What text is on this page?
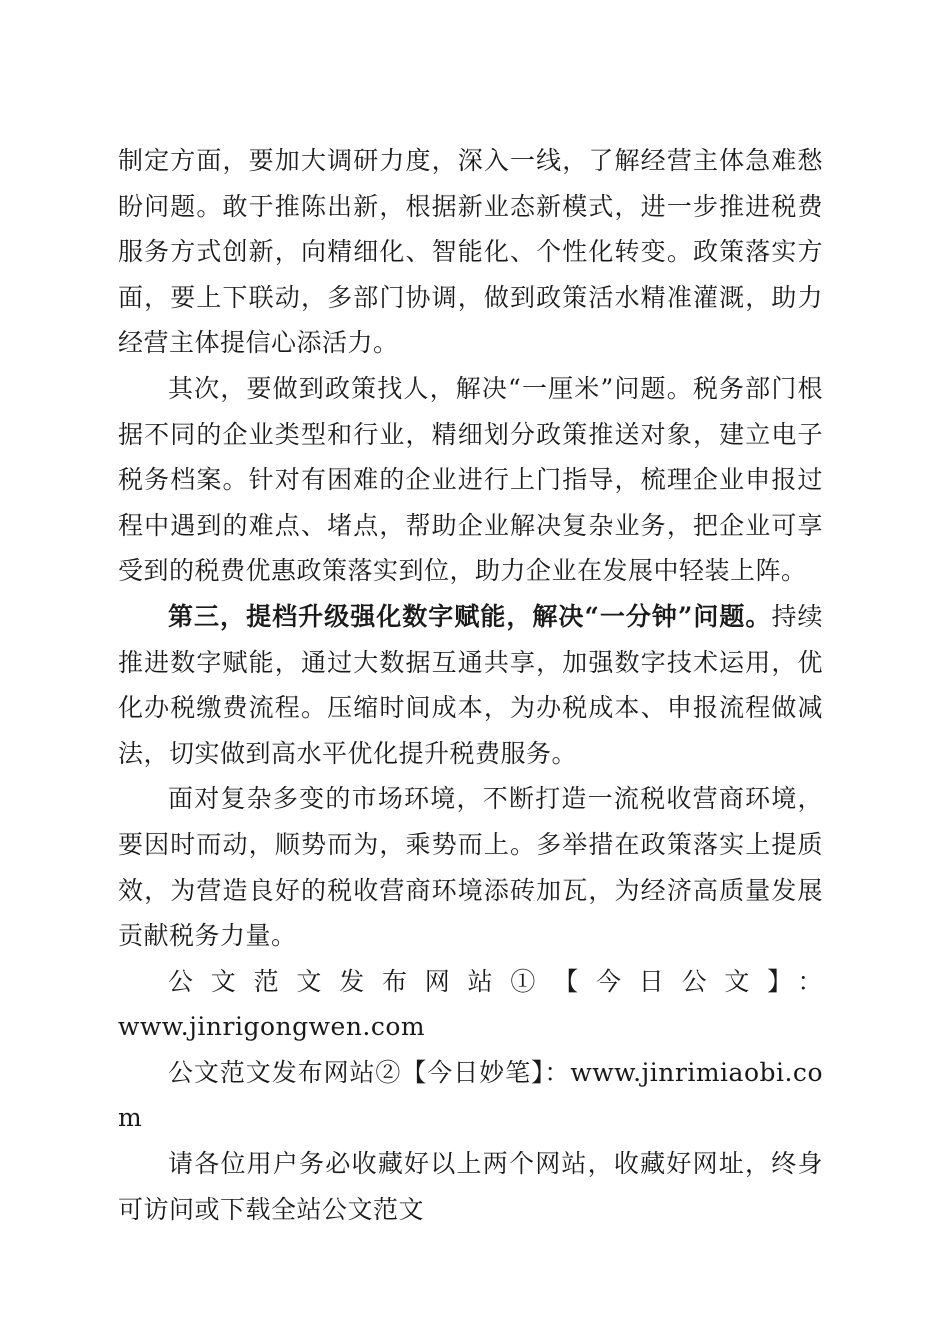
制定方面，要加大调研力度，深入一线，了解经营主体急难愁盼问题。敢于推陈出新，根据新业态新模式，进一步推进税费服务方式创新，向精细化、智能化、个性化转变。政策落实方面，要上下联动，多部门协调，做到政策活水精准灌溉，助力经营主体提信心添活力。

其次，要做到政策找人，解决“一厘米”问题。税务部门根据不同的企业类型和行业，精细划分政策推送对象，建立电子税务档案。针对有困难的企业进行上门指导，梳理企业申报过程中遇到的难点、堵点，帮助企业解决复杂业务，把企业可享受到的税费优惠政策落实到位，助力企业在发展中轻装上阵。

第三，提档升级强化数字赋能，解决“一分钟”问题。持续推进数字赋能，通过大数据互通共享，加强数字技术运用，优化办税缴费流程。压缩时间成本，为办税成本、申报流程做减法，切实做到高水平优化提升税费服务。

面对复杂多变的市场环境，不断打造一流税收营商环境，要因时而动，顺势而为，乘势而上。多举措在政策落实上提质效，为营造良好的税收营商环境添砖加瓦，为经济高质量发展贡献税务力量。

公文范文发布网站①【今日公文】：

www.jinrigongwen.com

公文范文发布网站②【今日妙笔】：www.jinrimiaobi.com

请各位用户务必收藏好以上两个网站，收藏好网址，终身可访问或下载全站公文范文
